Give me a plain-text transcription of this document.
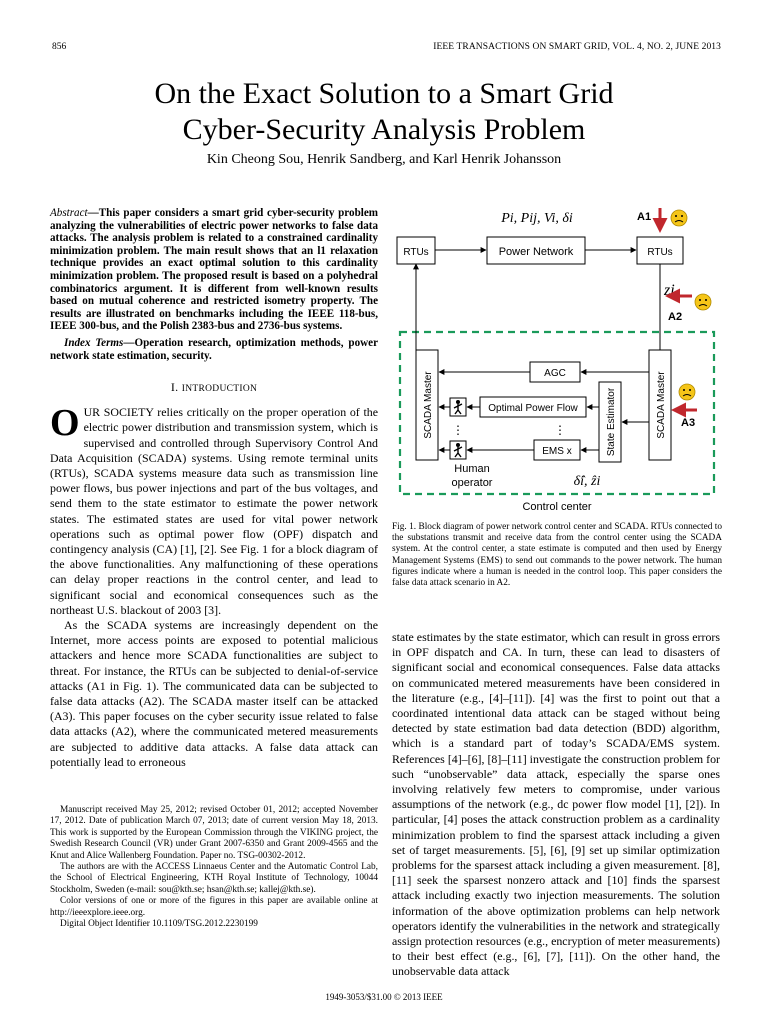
856	IEEE TRANSACTIONS ON SMART GRID, VOL. 4, NO. 2, JUNE 2013
On the Exact Solution to a Smart Grid
Cyber-Security Analysis Problem
Kin Cheong Sou, Henrik Sandberg, and Karl Henrik Johansson

Abstract—This paper considers a smart grid cyber-security problem analyzing the vulnerabilities of electric power networks to false data attacks. The analysis problem is related to a constrained cardinality minimization problem. The main result shows that an l1 relaxation technique provides an exact optimal solution to this cardinality minimization problem. The proposed result is based on a polyhedral combinatorics argument. It is different from well-known results based on mutual coherence and restricted isometry property. The results are illustrated on benchmarks including the IEEE 118-bus, IEEE 300-bus, and the Polish 2383-bus and 2736-bus systems.

Index Terms—Operation research, optimization methods, power network state estimation, security.

I. INTRODUCTION

OUR SOCIETY relies critically on the proper operation of the electric power distribution and transmission system, which is supervised and controlled through Supervisory Control And Data Acquisition (SCADA) systems. Using remote terminal units (RTUs), SCADA systems measure data such as transmission line power flows, bus power injections and part of the bus voltages, and send them to the state estimator to estimate the power network states. The estimated states are used for vital power network operations such as optimal power flow (OPF) dispatch and contingency analysis (CA) [1], [2]. See Fig. 1 for a block diagram of the above functionalities. Any malfunctioning of these operations can delay proper reactions in the control center, and lead to significant social and economical consequences such as the northeast U.S. blackout of 2003 [3].

As the SCADA systems are increasingly dependent on the Internet, more access points are exposed to potential malicious attackers and hence more SCADA functionalities are subject to threat. For instance, the RTUs can be subjected to denial-of-service attacks (A1 in Fig. 1). The communicated data can be subjected to false data attacks (A2). The SCADA master itself can be attacked (A3). This paper focuses on the cyber security issue related to false data attacks (A2), where the communicated metered measurements are subjected to additive data attacks. A false data attack can potentially lead to erroneous

Manuscript received May 25, 2012; revised October 01, 2012; accepted November 17, 2012. Date of publication March 07, 2013; date of current version May 18, 2013. This work is supported by the European Commission through the VIKING project, the Swedish Research Council (VR) under Grant 2007-6350 and Grant 2009-4565 and the Knut and Alice Wallenberg Foundation. Paper no. TSG-00302-2012.

The authors are with the ACCESS Linnaeus Center and the Automatic Control Lab, the School of Electrical Engineering, KTH Royal Institute of Technology, 10044 Stockholm, Sweden (e-mail: sou@kth.se; hsan@kth.se; kallej@kth.se).

Color versions of one or more of the figures in this paper are available online at http://ieeexplore.ieee.org.

Digital Object Identifier 10.1109/TSG.2012.2230199

Pi, Pij, Vi, δi	A1
RTUs	Power Network	RTUs
zi
A2
SCADA Master	SCADA Master A3
State Estimator
AGC
Optimal Power Flow
EMS x
⋮	⋮
Human
operator	δ̂i, ẑi
Control center
Fig. 1. Block diagram of power network control center and SCADA. RTUs connected to the substations transmit and receive data from the control center using the SCADA system. At the control center, a state estimate is computed and then used by Energy Management Systems (EMS) to send out commands to the power network. The human figures indicate where a human is needed in the control loop. This paper considers the false data attack scenario in A2.

state estimates by the state estimator, which can result in gross errors in OPF dispatch and CA. In turn, these can lead to disasters of significant social and economical consequences. False data attacks on communicated metered measurements have been considered in the literature (e.g., [4]–[11]). [4] was the first to point out that a coordinated intentional data attack can be staged without being detected by state estimation bad data detection (BDD) algorithm, which is a standard part of today’s SCADA/EMS system. References [4]–[6], [8]–[11] investigate the construction problem for such “unobservable” data attack, especially the sparse ones involving relatively few meters to compromise, under various assumptions of the network (e.g., dc power flow model [1], [2]). In particular, [4] poses the attack construction problem as a cardinality minimization problem to find the sparsest attack including a given set of target measurements. [5], [6], [9] set up similar optimization problems for the sparsest attack including a given measurement. [8], [11] seek the sparsest nonzero attack and [10] finds the sparsest attack including exactly two injection measurements. The solution information of the above optimization problems can help network operators identify the vulnerabilities in the network and strategically assign protection resources (e.g., encryption of meter measurements) to their best effect (e.g., [6], [7], [11]). On the other hand, the unobservable data attack

1949-3053/$31.00 © 2013 IEEE
